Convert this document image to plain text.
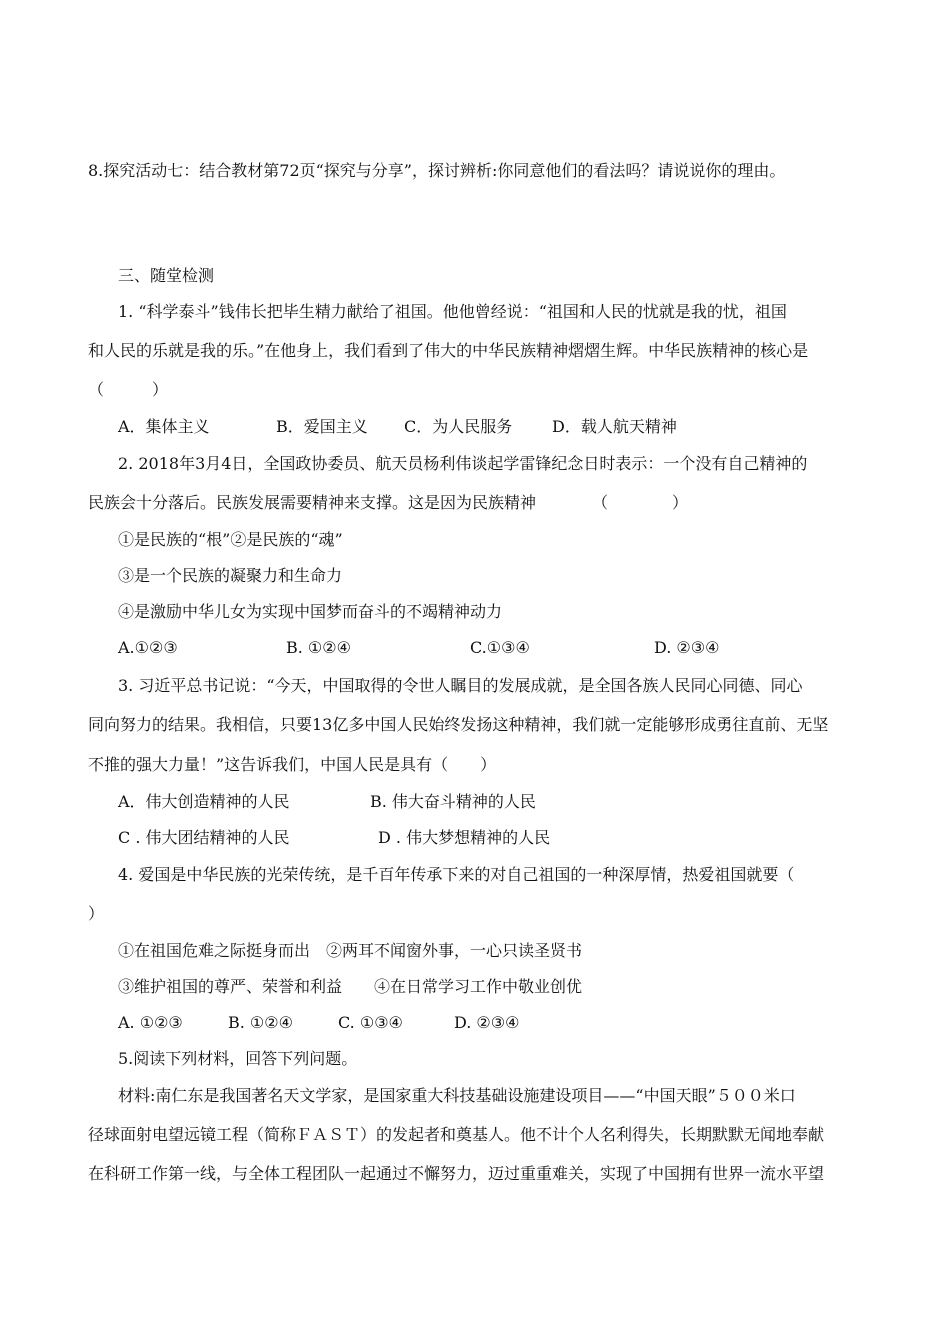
8.探究活动七：结合教材第72页“探究与分享”，探讨辨析:你同意他们的看法吗？请说说你的理由。
三、随堂检测
1. “科学泰斗”钱伟长把毕生精力献给了祖国。他他曾经说：“祖国和人民的忧就是我的忧，祖国
和人民的乐就是我的乐。”在他身上，我们看到了伟大的中华民族精神熠熠生辉。中华民族精神的核心是
（　　　）
A．集体主义	B．爱国主义 C．为人民服务 D．载人航天精神
2. 2018年3月4日，全国政协委员、航天员杨利伟谈起学雷锋纪念日时表示：一个没有自己精神的
民族会十分落后。民族发展需要精神来支撑。这是因为民族精神　　　　（　　　　）
①是民族的“根”②是民族的“魂”
③是一个民族的凝聚力和生命力
④是激励中华儿女为实现中国梦而奋斗的不竭精神动力
A.①②③	B. ①②④	C.①③④	D. ②③④
3. 习近平总书记说：“今天，中国取得的令世人瞩目的发展成就，是全国各族人民同心同德、同心
同向努力的结果。我相信，只要13亿多中国人民始终发扬这种精神，我们就一定能够形成勇往直前、无坚
不推的强大力量！”这告诉我们，中国人民是具有（　　）
A．伟大创造精神的人民	B. 伟大奋斗精神的人民
C . 伟大团结精神的人民	D . 伟大梦想精神的人民
4. 爱国是中华民族的光荣传统，是千百年传承下来的对自己祖国的一种深厚情，热爱祖国就要（
）
①在祖国危难之际挺身而出　②两耳不闻窗外事，一心只读圣贤书
③维护祖国的尊严、荣誉和利益　　④在日常学习工作中敬业创优
A. ①②③	B. ①②④	C. ①③④	D. ②③④
5.阅读下列材料，回答下列问题。
材料:南仁东是我国著名天文学家，是国家重大科技基础设施建设项目——“中国天眼”５００米口
径球面射电望远镜工程（简称ＦＡＳＴ）的发起者和奠基人。他不计个人名利得失，长期默默无闻地奉献
在科研工作第一线，与全体工程团队一起通过不懈努力，迈过重重难关，实现了中国拥有世界一流水平望
